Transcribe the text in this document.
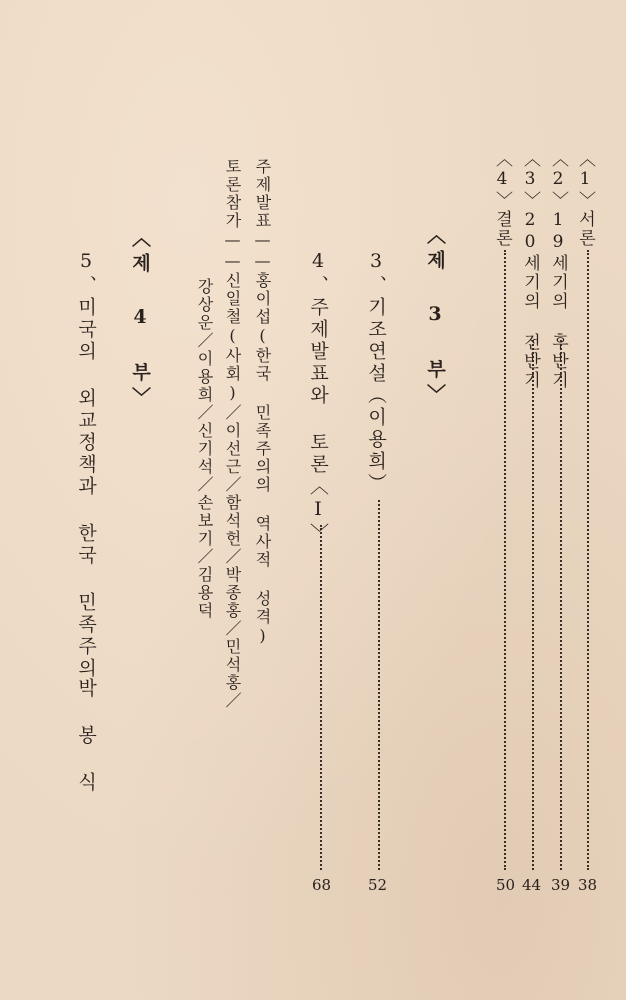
〈1〉서론
38
〈2〉19세기의 후반기
39
〈3〉20세기의 전반기
44
〈4〉결론
50
〈제 3 부〉
3、기조연설（이용희）
52
4、주제발표와 토론〈Ⅰ〉
68
주제발표——홍이섭(한국 민족주의의 역사적 성격)
토론참가——신일철(사회)／이선근／함석헌／박종홍／민석홍／
강상운／이용희／신기석／손보기／김용덕
〈제 4 부〉
5、미국의 외교정책과 한국 민족주의
박 봉 식
